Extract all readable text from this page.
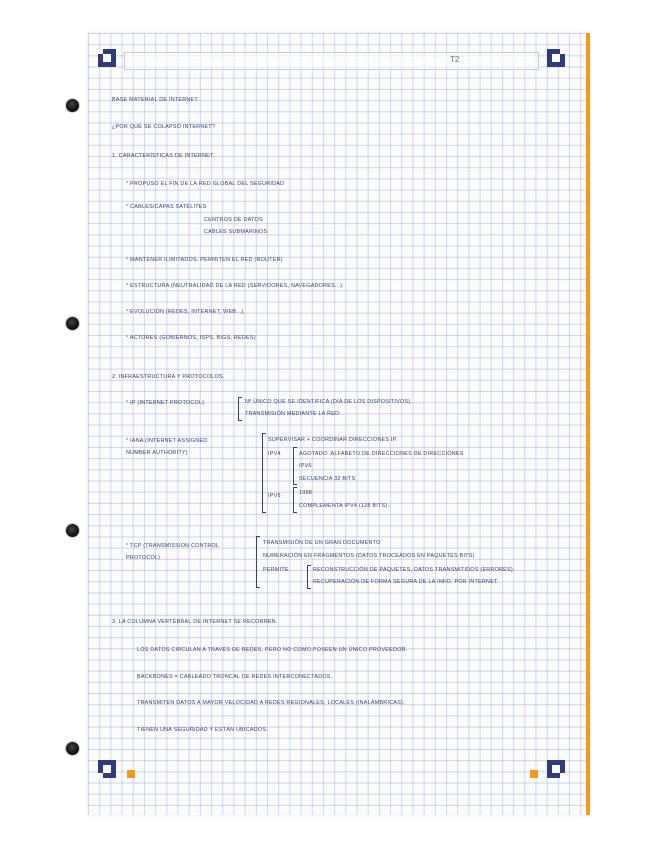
T2
BASE MATERIAL DE INTERNET.
¿POR QUÉ SE COLAPSÓ INTERNET?
1. CARACTERÍSTICAS DE INTERNET.
° PROPUSO EL FIN DE LA RED GLOBAL DEL SEGURIDAD
° CABLES/CAPAS SATÉLITES
CENTROS DE DATOS
CABLES SUBMARINOS
° MANTENER ILIMITADOS. PERMITEN EL RED (ROUTER)
° ESTRUCTURA (NEUTRALIDAD DE LA RED (SERVIDORES, NAVEGADORES...).
° EVOLUCIÓN (REDES, INTERNET, WEB...).
° ACTORES (GOBIERNOS, ISPS, BIGS, REDES)
2. INFRAESTRUCTURA Y PROTOCOLOS.
° IP (INTERNET PROTOCOL)	Nº ÚNICO QUE SE IDENTIFICA (DÍA DE LOS DISPOSITIVOS).
TRANSMISIÓN MEDIANTE LA RED.
° IANA (INTERNET ASSIGNED
NUMBER AUTHORITY)
SUPERVISAR + COORDINAR DIRECCIONES IP.
IPV4	AGOTADO. ALFABETO DE DIRECCIONES DE DIRECCIONES
IPV6
SECUENCIA 32 BITS
IPV6	1998
COMPLEMENTA IPV4 (128 BITS).
° TCP (TRANSMISSION CONTROL
PROTOCOL)
TRANSMISIÓN DE UN GRAN DOCUMENTO
NUMERACIÓN EN FRAGMENTOS (DATOS TROCEADOS EN PAQUETES BITS)
PERMITE	RECONSTRUCCIÓN DE PAQUETES, DATOS TRANSMITIDOS (ERRORES).
RECUPERACIÓN DE FORMA SEGURA DE LA INFO. POR INTERNET.
3. LA COLUMNA VERTEBRAL DE INTERNET SE RECORREN.
LOS DATOS CIRCULAN A TRAVÉS DE REDES, PERO NO COMO POSEEN UN ÚNICO PROVEEDOR.
BACKBONES = CABLEADO TRONCAL DE REDES INTERCONECTADOS.
TRANSMITEN DATOS A MAYOR VELOCIDAD A REDES REGIONALES, LOCALES (INALÁMBRICAS).
TIENEN UNA SEGURIDAD Y ESTÁN UBICADOS.
